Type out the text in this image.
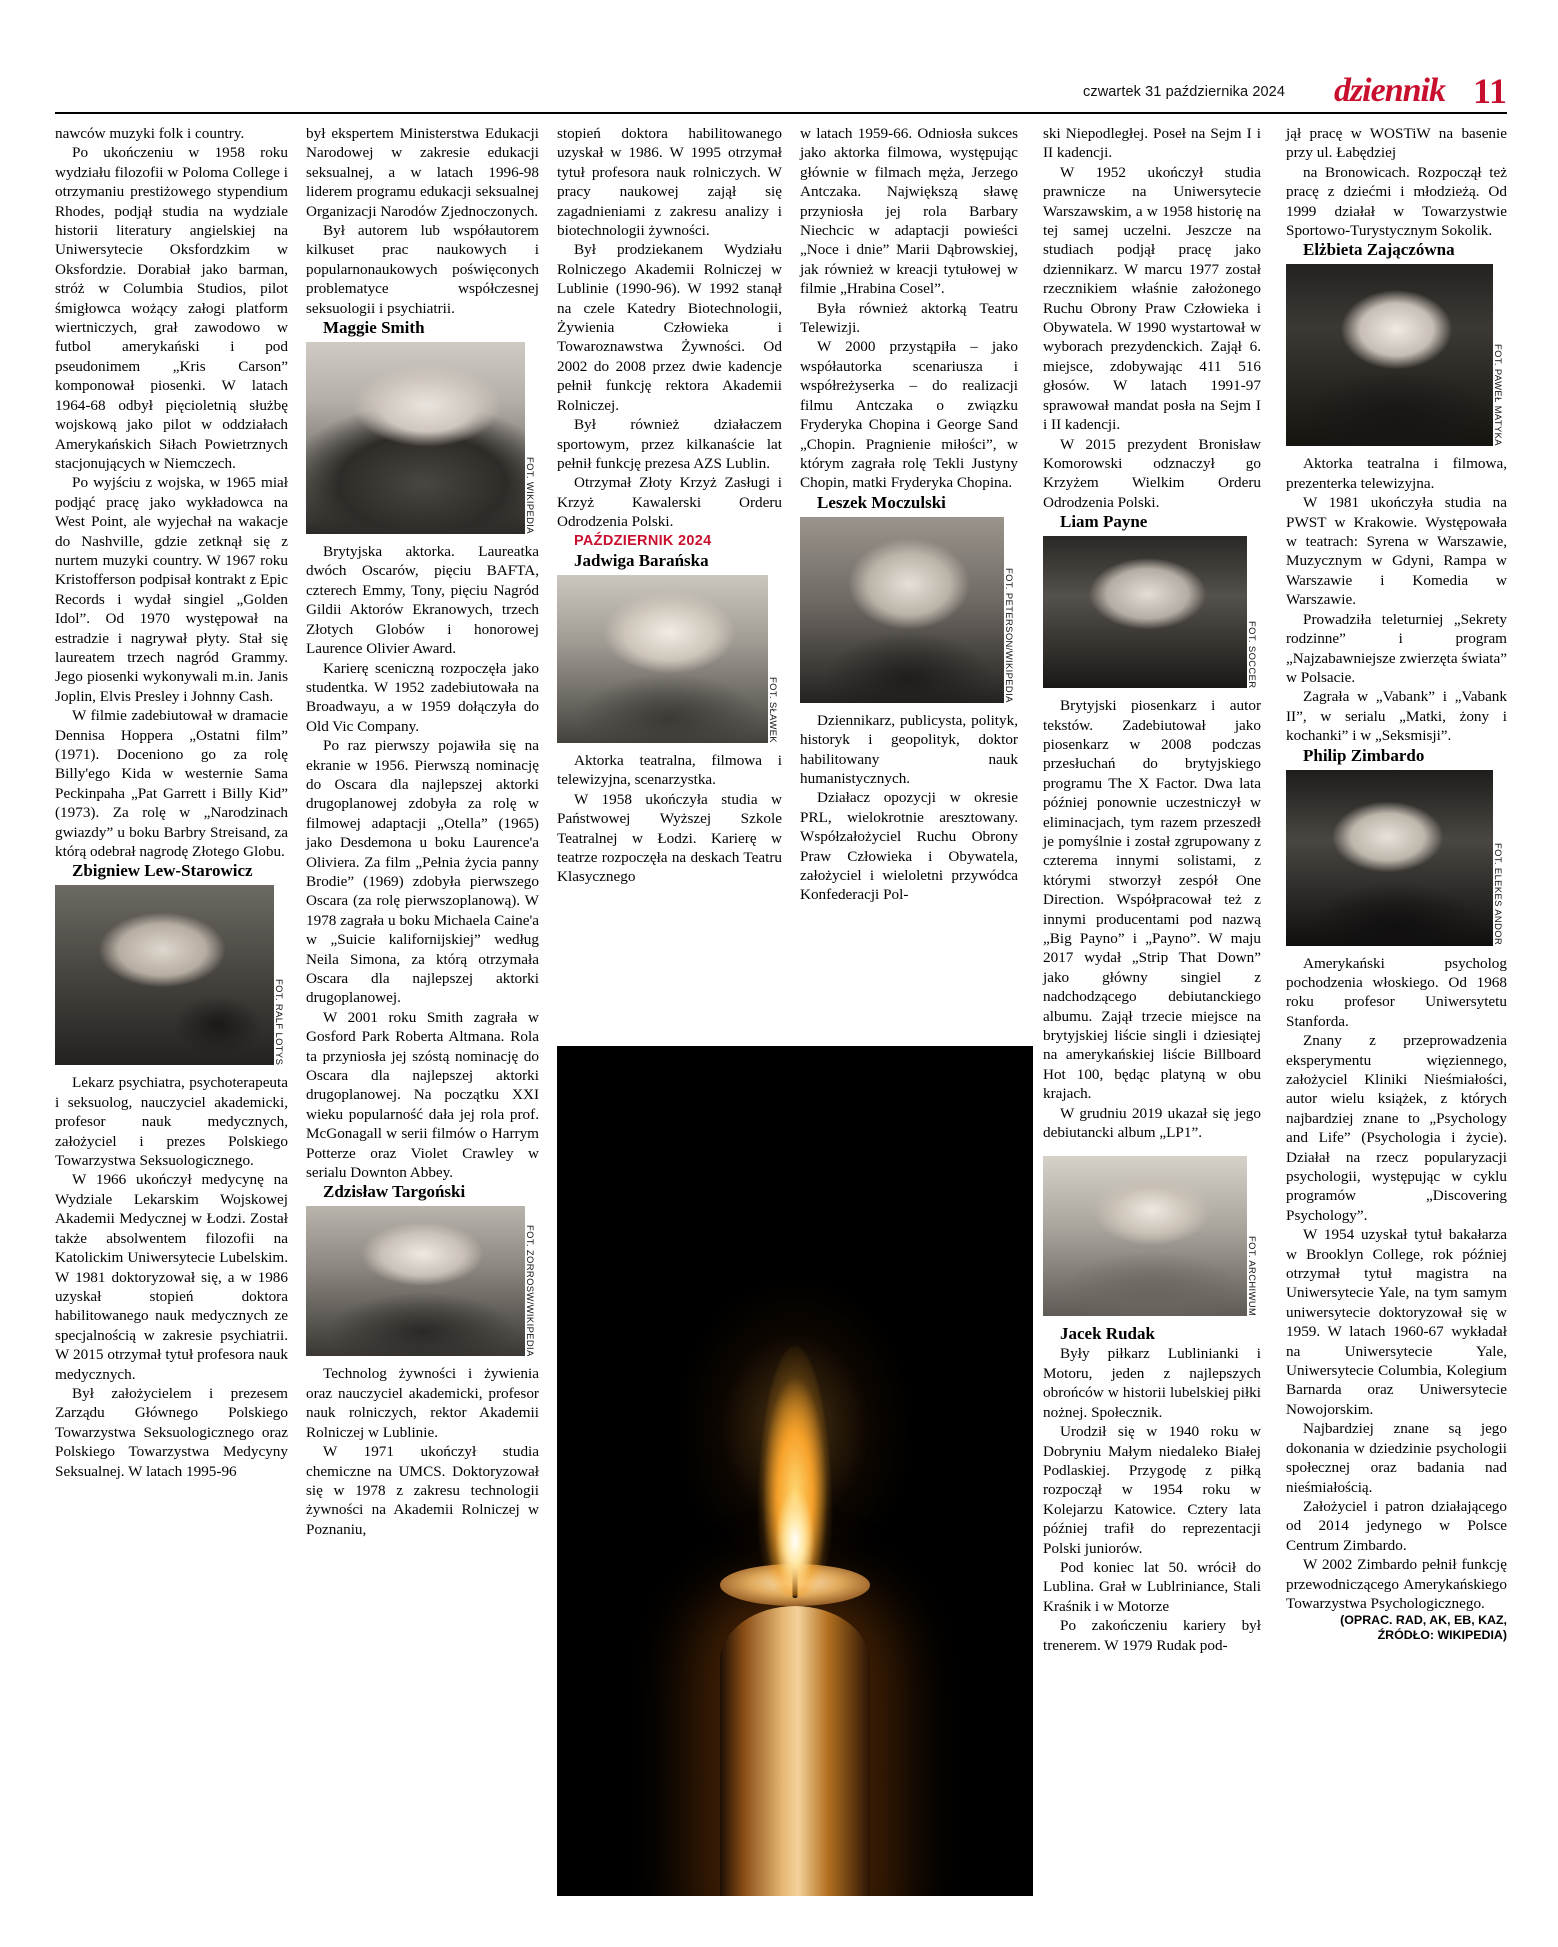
czwartek 31 października 2024 dziennik 11

nawców muzyki folk i country.

Po ukończeniu w 1958 roku wydziału filozofii w Poloma College i otrzymaniu prestiżowego stypendium Rhodes, podjął studia na wydziale historii literatury angielskiej na Uniwersytecie Oksfordzkim w Oksfordzie. Dorabiał jako barman, stróż w Columbia Studios, pilot śmigłowca wożący załogi platform wiertniczych, grał zawodowo w futbol amerykański i pod pseudonimem „Kris Carson” komponował piosenki. W latach 1964-68 odbył pięcioletnią służbę wojskową jako pilot w oddziałach Amerykańskich Siłach Powietrznych stacjonujących w Niemczech.

Po wyjściu z wojska, w 1965 miał podjąć pracę jako wykładowca na West Point, ale wyjechał na wakacje do Nashville, gdzie zetknął się z nurtem muzyki country. W 1967 roku Kristofferson podpisał kontrakt z Epic Records i wydał singiel „Golden Idol”. Od 1970 występował na estradzie i nagrywał płyty. Stał się laureatem trzech nagród Grammy. Jego piosenki wykonywali m.in. Janis Joplin, Elvis Presley i Johnny Cash.

W filmie zadebiutował w dramacie Dennisa Hoppera „Ostatni film” (1971). Doceniono go za rolę Billy'ego Kida w westernie Sama Peckinpaha „Pat Garrett i Billy Kid” (1973). Za rolę w „Narodzinach gwiazdy” u boku Barbry Streisand, za którą odebrał nagrodę Złotego Globu.

Zbigniew Lew-Starowicz

FOT. RALF LOTYS

Lekarz psychiatra, psychoterapeuta i seksuolog, nauczyciel akademicki, profesor nauk medycznych, założyciel i prezes Polskiego Towarzystwa Seksuologicznego.

W 1966 ukończył medycynę na Wydziale Lekarskim Wojskowej Akademii Medycznej w Łodzi. Został także absolwentem filozofii na Katolickim Uniwersytecie Lubelskim. W 1981 doktoryzował się, a w 1986 uzyskał stopień doktora habilitowanego nauk medycznych ze specjalnością w zakresie psychiatrii. W 2015 otrzymał tytuł profesora nauk medycznych.

Był założycielem i prezesem Zarządu Głównego Polskiego Towarzystwa Seksuologicznego oraz Polskiego Towarzystwa Medycyny Seksualnej. W latach 1995-96

był ekspertem Ministerstwa Edukacji Narodowej w zakresie edukacji seksualnej, a w latach 1996-98 liderem programu edukacji seksualnej Organizacji Narodów Zjednoczonych.

Był autorem lub współautorem kilkuset prac naukowych i popularnonaukowych poświęconych problematyce współczesnej seksuologii i psychiatrii.

Maggie Smith

FOT. WIKIPEDIA

Brytyjska aktorka. Laureatka dwóch Oscarów, pięciu BAFTA, czterech Emmy, Tony, pięciu Nagród Gildii Aktorów Ekranowych, trzech Złotych Globów i honorowej Laurence Olivier Award.

Karierę sceniczną rozpoczęła jako studentka. W 1952 zadebiutowała na Broadwayu, a w 1959 dołączyła do Old Vic Company.

Po raz pierwszy pojawiła się na ekranie w 1956. Pierwszą nominację do Oscara dla najlepszej aktorki drugoplanowej zdobyła za rolę w filmowej adaptacji „Otella” (1965) jako Desdemona u boku Laurence'a Oliviera. Za film „Pełnia życia panny Brodie” (1969) zdobyła pierwszego Oscara (za rolę pierwszoplanową). W 1978 zagrała u boku Michaela Caine'a w „Suicie kalifornijskiej” według Neila Simona, za którą otrzymała Oscara dla najlepszej aktorki drugoplanowej.

W 2001 roku Smith zagrała w Gosford Park Roberta Altmana. Rola ta przyniosła jej szóstą nominację do Oscara dla najlepszej aktorki drugoplanowej. Na początku XXI wieku popularność dała jej rola prof. McGonagall w serii filmów o Harrym Potterze oraz Violet Crawley w serialu Downton Abbey.

Zdzisław Targoński

FOT. ZORROSW/WIKIPEDIA

Technolog żywności i żywienia oraz nauczyciel akademicki, profesor nauk rolniczych, rektor Akademii Rolniczej w Lublinie.

W 1971 ukończył studia chemiczne na UMCS. Doktoryzował się w 1978 z zakresu technologii żywności na Akademii Rolniczej w Poznaniu,

stopień doktora habilitowanego uzyskał w 1986. W 1995 otrzymał tytuł profesora nauk rolniczych. W pracy naukowej zajął się zagadnieniami z zakresu analizy i biotechnologii żywności.

Był prodziekanem Wydziału Rolniczego Akademii Rolniczej w Lublinie (1990-96). W 1992 stanął na czele Katedry Biotechnologii, Żywienia Człowieka i Towaroznawstwa Żywności. Od 2002 do 2008 przez dwie kadencje pełnił funkcję rektora Akademii Rolniczej.

Był również działaczem sportowym, przez kilkanaście lat pełnił funkcję prezesa AZS Lublin.

Otrzymał Złoty Krzyż Zasługi i Krzyż Kawalerski Orderu Odrodzenia Polski.

PAŹDZIERNIK 2024

Jadwiga Barańska

FOT. SŁAWEK

Aktorka teatralna, filmowa i telewizyjna, scenarzystka.

W 1958 ukończyła studia w Państwowej Wyższej Szkole Teatralnej w Łodzi. Karierę w teatrze rozpoczęła na deskach Teatru Klasycznego

w latach 1959-66. Odniosła sukces jako aktorka filmowa, występując głównie w filmach męża, Jerzego Antczaka. Największą sławę przyniosła jej rola Barbary Niechcic w adaptacji powieści „Noce i dnie” Marii Dąbrowskiej, jak również w kreacji tytułowej w filmie „Hrabina Cosel”.

Była również aktorką Teatru Telewizji.

W 2000 przystąpiła – jako współautorka scenariusza i współreżyserka – do realizacji filmu Antczaka o związku Fryderyka Chopina i George Sand „Chopin. Pragnienie miłości”, w którym zagrała rolę Tekli Justyny Chopin, matki Fryderyka Chopina.

Leszek Moczulski

FOT. PETERSON/WIKIPEDIA

Dziennikarz, publicysta, polityk, historyk i geopolityk, doktor habilitowany nauk humanistycznych.

Działacz opozycji w okresie PRL, wielokrotnie aresztowany. Współzałożyciel Ruchu Obrony Praw Człowieka i Obywatela, założyciel i wieloletni przywódca Konfederacji Pol-

ski Niepodległej. Poseł na Sejm I i II kadencji.

W 1952 ukończył studia prawnicze na Uniwersytecie Warszawskim, a w 1958 historię na tej samej uczelni. Jeszcze na studiach podjął pracę jako dziennikarz. W marcu 1977 został rzecznikiem właśnie założonego Ruchu Obrony Praw Człowieka i Obywatela. W 1990 wystartował w wyborach prezydenckich. Zajął 6. miejsce, zdobywając 411 516 głosów. W latach 1991-97 sprawował mandat posła na Sejm I i II kadencji.

W 2015 prezydent Bronisław Komorowski odznaczył go Krzyżem Wielkim Orderu Odrodzenia Polski.

Liam Payne

FOT. SOCCER

Brytyjski piosenkarz i autor tekstów. Zadebiutował jako piosenkarz w 2008 podczas przesłuchań do brytyjskiego programu The X Factor. Dwa lata później ponownie uczestniczył w eliminacjach, tym razem przeszedł je pomyślnie i został zgrupowany z czterema innymi solistami, z którymi stworzył zespół One Direction. Współpracował też z innymi producentami pod nazwą „Big Payno” i „Payno”. W maju 2017 wydał „Strip That Down” jako główny singiel z nadchodzącego debiutanckiego albumu. Zajął trzecie miejsce na brytyjskiej liście singli i dziesiątej na amerykańskiej liście Billboard Hot 100, będąc platyną w obu krajach.

W grudniu 2019 ukazał się jego debiutancki album „LP1”.

FOT. ARCHIWUM

Jacek Rudak

Były piłkarz Lublinianki i Motoru, jeden z najlepszych obrońców w historii lubelskiej piłki nożnej. Społecznik.

Urodził się w 1940 roku w Dobryniu Małym niedaleko Białej Podlaskiej. Przygodę z piłką rozpoczął w 1954 roku w Kolejarzu Katowice. Cztery lata później trafił do reprezentacji Polski juniorów.

Pod koniec lat 50. wrócił do Lublina. Grał w Lublriniance, Stali Kraśnik i w Motorze

Po zakończeniu kariery był trenerem. W 1979 Rudak pod-

jął pracę w WOSTiW na basenie przy ul. Łabędziej

na Bronowicach. Rozpoczął też pracę z dziećmi i młodzieżą. Od 1999 działał w Towarzystwie Sportowo-Turystycznym Sokolik.

Elżbieta Zajączówna

FOT. PAWEŁ MATYKA

Aktorka teatralna i filmowa, prezenterka telewizyjna.

W 1981 ukończyła studia na PWST w Krakowie. Występowała w teatrach: Syrena w Warszawie, Muzycznym w Gdyni, Rampa w Warszawie i Komedia w Warszawie.

Prowadziła teleturniej „Sekrety rodzinne” i program „Najzabawniejsze zwierzęta świata” w Polsacie.

Zagrała w „Vabank” i „Vabank II”, w serialu „Matki, żony i kochanki” i w „Seksmisji”.

Philip Zimbardo

FOT. ELEKES ANDOR

Amerykański psycholog pochodzenia włoskiego. Od 1968 roku profesor Uniwersytetu Stanforda.

Znany z przeprowadzenia eksperymentu więziennego, założyciel Kliniki Nieśmiałości, autor wielu książek, z których najbardziej znane to „Psychology and Life” (Psychologia i życie). Działał na rzecz popularyzacji psychologii, występując w cyklu programów „Discovering Psychology”.

W 1954 uzyskał tytuł bakałarza w Brooklyn College, rok później otrzymał tytuł magistra na Uniwersytecie Yale, na tym samym uniwersytecie doktoryzował się w 1959. W latach 1960-67 wykładał na Uniwersytecie Yale, Uniwersytecie Columbia, Kolegium Barnarda oraz Uniwersytecie Nowojorskim.

Najbardziej znane są jego dokonania w dziedzinie psychologii społecznej oraz badania nad nieśmiałością.

Założyciel i patron działającego od 2014 jedynego w Polsce Centrum Zimbardo.

W 2002 Zimbardo pełnił funkcję przewodniczącego Amerykańskiego Towarzystwa Psychologicznego.

(OPRAC. RAD, AK, EB, KAZ, ŹRÓDŁO: WIKIPEDIA)
